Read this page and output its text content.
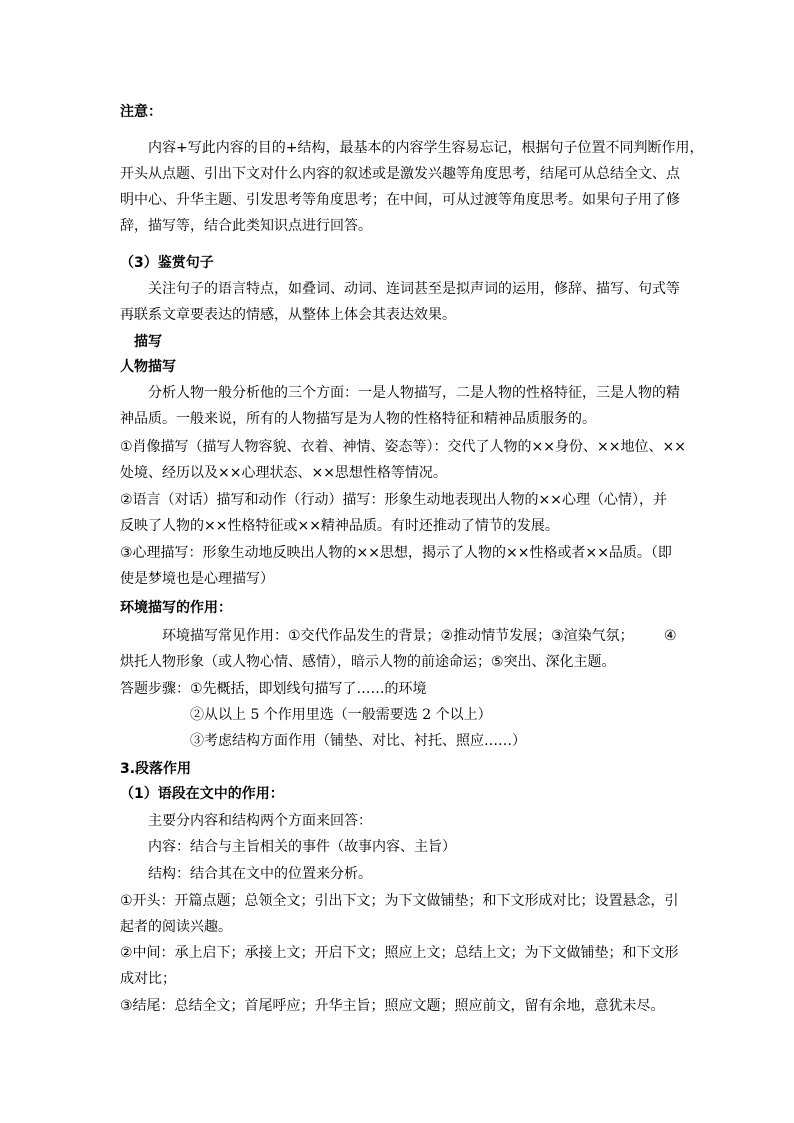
注意：
内容+写此内容的目的+结构，最基本的内容学生容易忘记，根据句子位置不同判断作用，
开头从点题、引出下文对什么内容的叙述或是激发兴趣等角度思考，结尾可从总结全文、点
明中心、升华主题、引发思考等角度思考；在中间，可从过渡等角度思考。如果句子用了修
辞，描写等，结合此类知识点进行回答。
（3）鉴赏句子
关注句子的语言特点，如叠词、动词、连词甚至是拟声词的运用，修辞、描写、句式等
再联系文章要表达的情感，从整体上体会其表达效果。
描写
人物描写
分析人物一般分析他的三个方面：一是人物描写，二是人物的性格特征，三是人物的精
神品质。一般来说，所有的人物描写是为人物的性格特征和精神品质服务的。
①肖像描写（描写人物容貌、衣着、神情、姿态等）：交代了人物的××身份、××地位、××
处境、经历以及××心理状态、××思想性格等情况。
②语言（对话）描写和动作（行动）描写：形象生动地表现出人物的××心理（心情），并
反映了人物的××性格特征或××精神品质。有时还推动了情节的发展。
③心理描写：形象生动地反映出人物的××思想，揭示了人物的××性格或者××品质。（即
使是梦境也是心理描写）
环境描写的作用：
环境描写常见作用：①交代作品发生的背景；②推动情节发展；③渲染气氛； ④
烘托人物形象（或人物心情、感情），暗示人物的前途命运；⑤突出、深化主题。
答题步骤：①先概括，即划线句描写了……的环境
②从以上 5 个作用里选（一般需要选 2 个以上）
③考虑结构方面作用（铺垫、对比、衬托、照应……）
3.段落作用
（1）语段在文中的作用：
主要分内容和结构两个方面来回答：
内容：结合与主旨相关的事件（故事内容、主旨）
结构：结合其在文中的位置来分析。
①开头：开篇点题；总领全文；引出下文；为下文做铺垫；和下文形成对比；设置悬念，引
起者的阅读兴趣。
②中间：承上启下；承接上文；开启下文；照应上文；总结上文；为下文做铺垫；和下文形
成对比；
③结尾：总结全文；首尾呼应；升华主旨；照应文题；照应前文，留有余地，意犹未尽。
